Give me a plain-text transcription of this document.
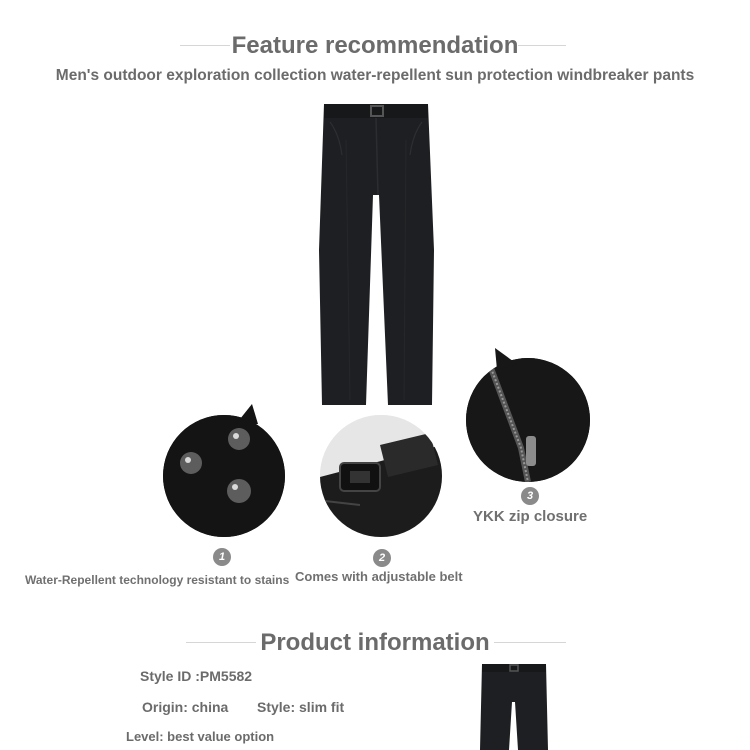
Feature recommendation
Men's outdoor exploration collection water-repellent sun protection windbreaker pants
1
Water-Repellent technology resistant to stains
2
Comes with adjustable belt
3
YKK zip closure
Product information
Style ID :PM5582
Origin: china Style: slim fit
Level: best value option
